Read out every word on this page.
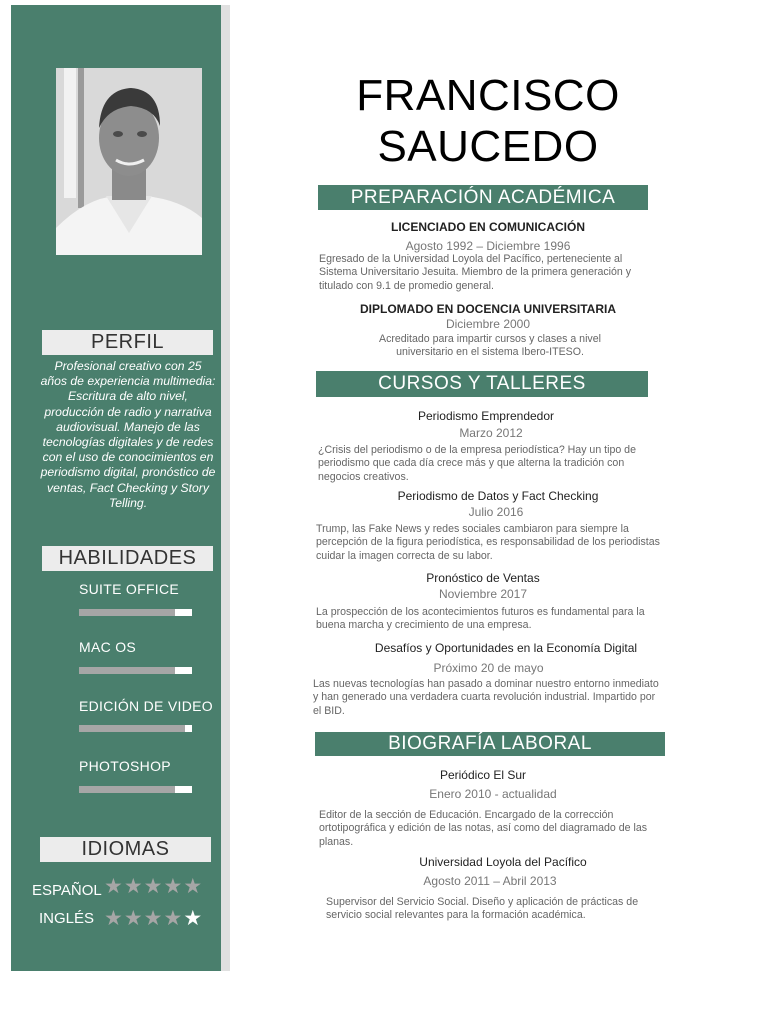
PERFIL
Profesional creativo con 25 años de experiencia multimedia: Escritura de alto nivel, producción de radio y narrativa audiovisual. Manejo de las tecnologías digitales y de redes con el uso de conocimientos en periodismo digital, pronóstico de ventas, Fact Checking y Story Telling.
HABILIDADES
SUITE OFFICE
MAC OS
EDICIÓN DE VIDEO
PHOTOSHOP
IDIOMAS
ESPAÑOL ★★★★★
INGLÉS ★★★★★
FRANCISCO
SAUCEDO
PREPARACIÓN ACADÉMICA
LICENCIADO EN COMUNICACIÓN
Agosto 1992 – Diciembre 1996
Egresado de la Universidad Loyola del Pacífico, perteneciente al Sistema Universitario Jesuita. Miembro de la primera generación y titulado con 9.1 de promedio general.
DIPLOMADO EN DOCENCIA UNIVERSITARIA
Diciembre 2000
Acreditado para impartir cursos y clases a nivel universitario en el sistema Ibero-ITESO.
CURSOS Y TALLERES
Periodismo Emprendedor
Marzo 2012
¿Crisis del periodismo o de la empresa periodística? Hay un tipo de periodismo que cada día crece más y que alterna la tradición con negocios creativos.
Periodismo de Datos y Fact Checking
Julio 2016
Trump, las Fake News y redes sociales cambiaron para siempre la percepción de la figura periodística, es responsabilidad de los periodistas cuidar la imagen correcta de su labor.
Pronóstico de Ventas
Noviembre 2017
La prospección de los acontecimientos futuros es fundamental para la buena marcha y crecimiento de una empresa.
Desafíos y Oportunidades en la Economía Digital
Próximo 20 de mayo
Las nuevas tecnologías han pasado a dominar nuestro entorno inmediato y han generado una verdadera cuarta revolución industrial. Impartido por el BID.
BIOGRAFÍA LABORAL
Periódico El Sur
Enero 2010 - actualidad
Editor de la sección de Educación. Encargado de la corrección ortotipográfica y edición de las notas, así como del diagramado de las planas.
Universidad Loyola del Pacífico
Agosto 2011 – Abril 2013
Supervisor del Servicio Social. Diseño y aplicación de prácticas de servicio social relevantes para la formación académica.
